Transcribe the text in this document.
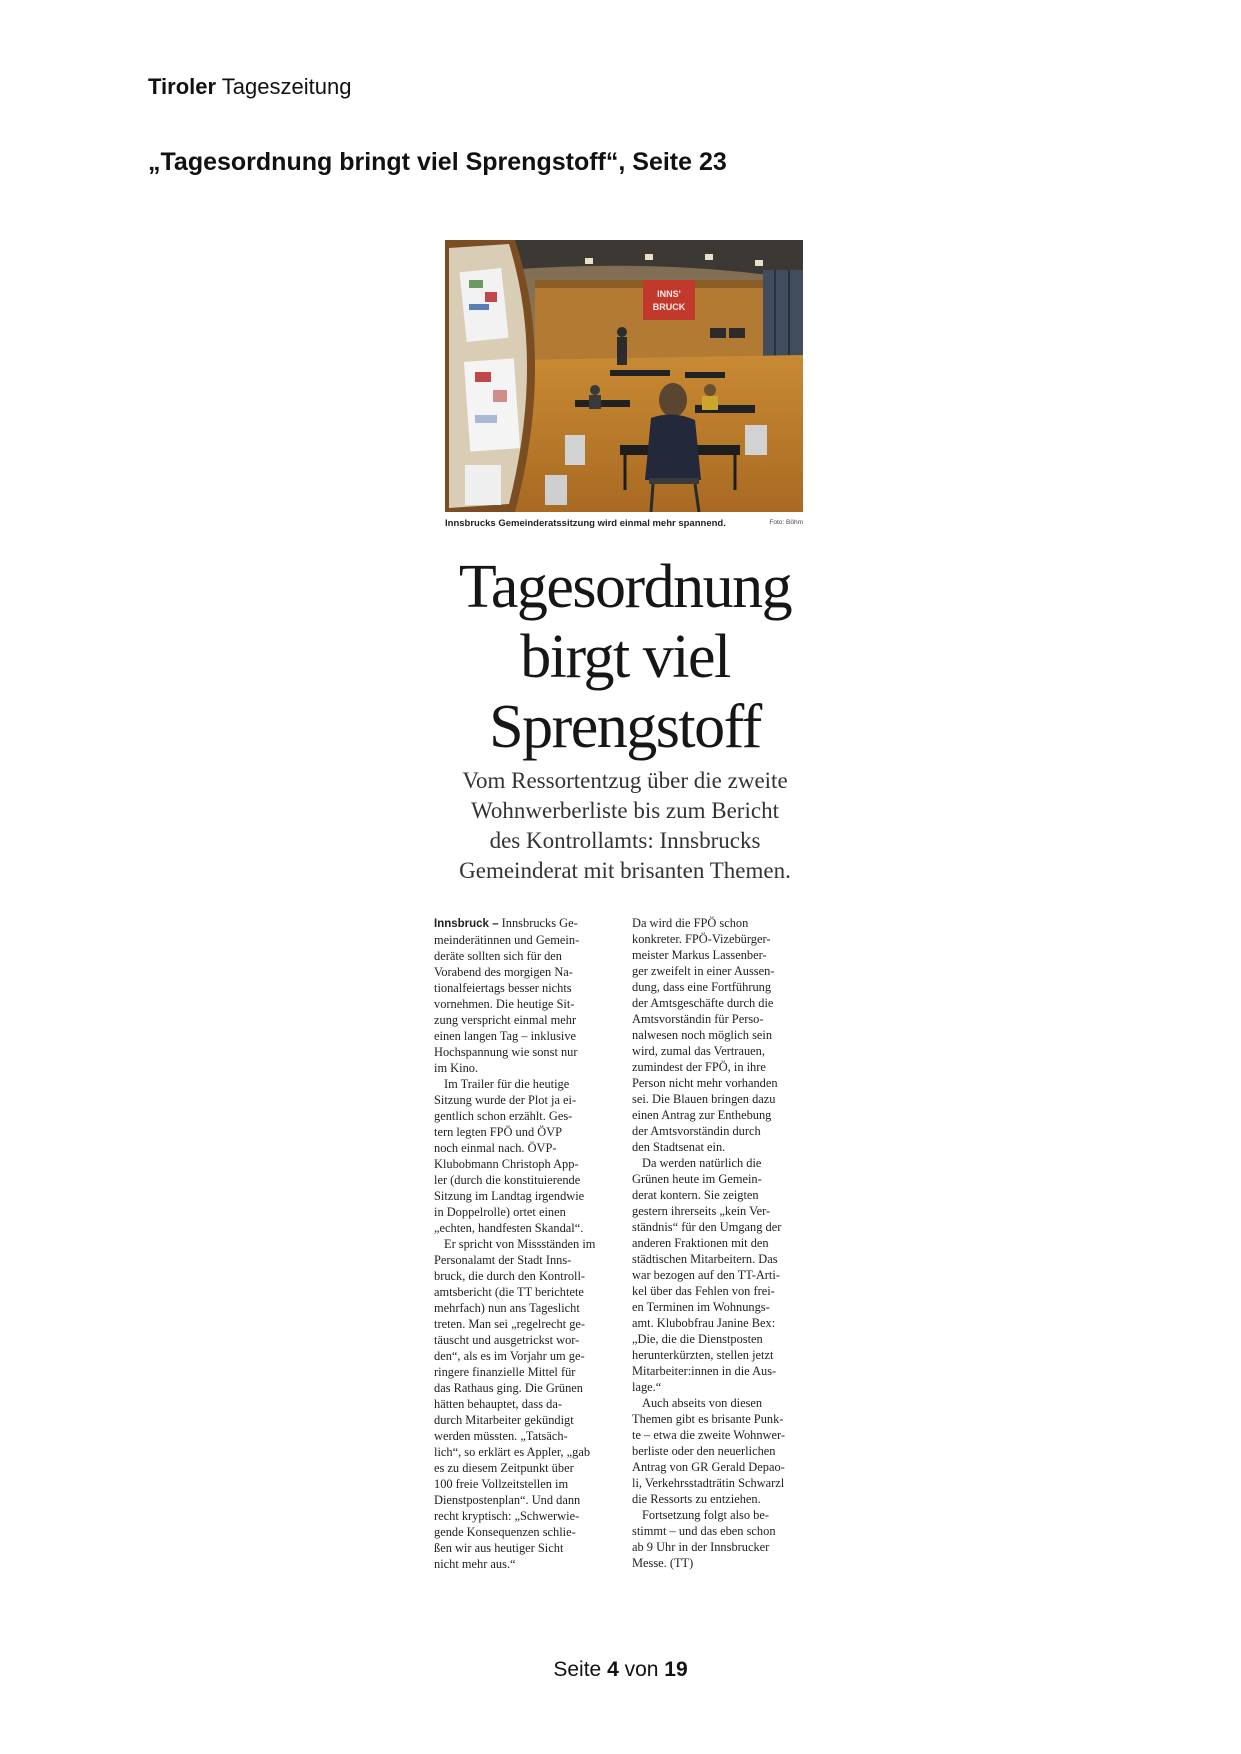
Tiroler Tageszeitung
„Tagesordnung bringt viel Sprengstoff“, Seite 23
INNS'
BRUCK
Innsbrucks Gemeinderatssitzung wird einmal mehr spannend.	Foto: Böhm
Tagesordnung
birgt viel
Sprengstoff
Vom Ressortentzug über die zweite
Wohnwerberliste bis zum Bericht
des Kontrollamts: Innsbrucks
Gemeinderat mit brisanten Themen.
Innsbruck – Innsbrucks Ge-
meinderätinnen und Gemein-
deräte sollten sich für den
Vorabend des morgigen Na-
tionalfeiertags besser nichts
vornehmen. Die heutige Sit-
zung verspricht einmal mehr
einen langen Tag – inklusive
Hochspannung wie sonst nur
im Kino.
Im Trailer für die heutige
Sitzung wurde der Plot ja ei-
gentlich schon erzählt. Ges-
tern legten FPÖ und ÖVP
noch einmal nach. ÖVP-
Klubobmann Christoph App-
ler (durch die konstituierende
Sitzung im Landtag irgendwie
in Doppelrolle) ortet einen
„echten, handfesten Skandal“.
Er spricht von Missständen im
Personalamt der Stadt Inns-
bruck, die durch den Kontroll-
amtsbericht (die TT berichtete
mehrfach) nun ans Tageslicht
treten. Man sei „regelrecht ge-
täuscht und ausgetrickst wor-
den“, als es im Vorjahr um ge-
ringere finanzielle Mittel für
das Rathaus ging. Die Grünen
hätten behauptet, dass da-
durch Mitarbeiter gekündigt
werden müssten. „Tatsäch-
lich“, so erklärt es Appler, „gab
es zu diesem Zeitpunkt über
100 freie Vollzeitstellen im
Dienstpostenplan“. Und dann
recht kryptisch: „Schwerwie-
gende Konsequenzen schlie-
ßen wir aus heutiger Sicht
nicht mehr aus.“
Da wird die FPÖ schon
konkreter. FPÖ-Vizebürger-
meister Markus Lassenber-
ger zweifelt in einer Aussen-
dung, dass eine Fortführung
der Amtsgeschäfte durch die
Amtsvorständin für Perso-
nalwesen noch möglich sein
wird, zumal das Vertrauen,
zumindest der FPÖ, in ihre
Person nicht mehr vorhanden
sei. Die Blauen bringen dazu
einen Antrag zur Enthebung
der Amtsvorständin durch
den Stadtsenat ein.
Da werden natürlich die
Grünen heute im Gemein-
derat kontern. Sie zeigten
gestern ihrerseits „kein Ver-
ständnis“ für den Umgang der
anderen Fraktionen mit den
städtischen Mitarbeitern. Das
war bezogen auf den TT-Arti-
kel über das Fehlen von frei-
en Terminen im Wohnungs-
amt. Klubobfrau Janine Bex:
„Die, die die Dienstposten
herunterkürzten, stellen jetzt
Mitarbeiter:innen in die Aus-
lage.“
Auch abseits von diesen
Themen gibt es brisante Punk-
te – etwa die zweite Wohnwer-
berliste oder den neuerlichen
Antrag von GR Gerald Depao-
li, Verkehrsstadträtin Schwarzl
die Ressorts zu entziehen.
Fortsetzung folgt also be-
stimmt – und das eben schon
ab 9 Uhr in der Innsbrucker
Messe. (TT)
Seite 4 von 19
